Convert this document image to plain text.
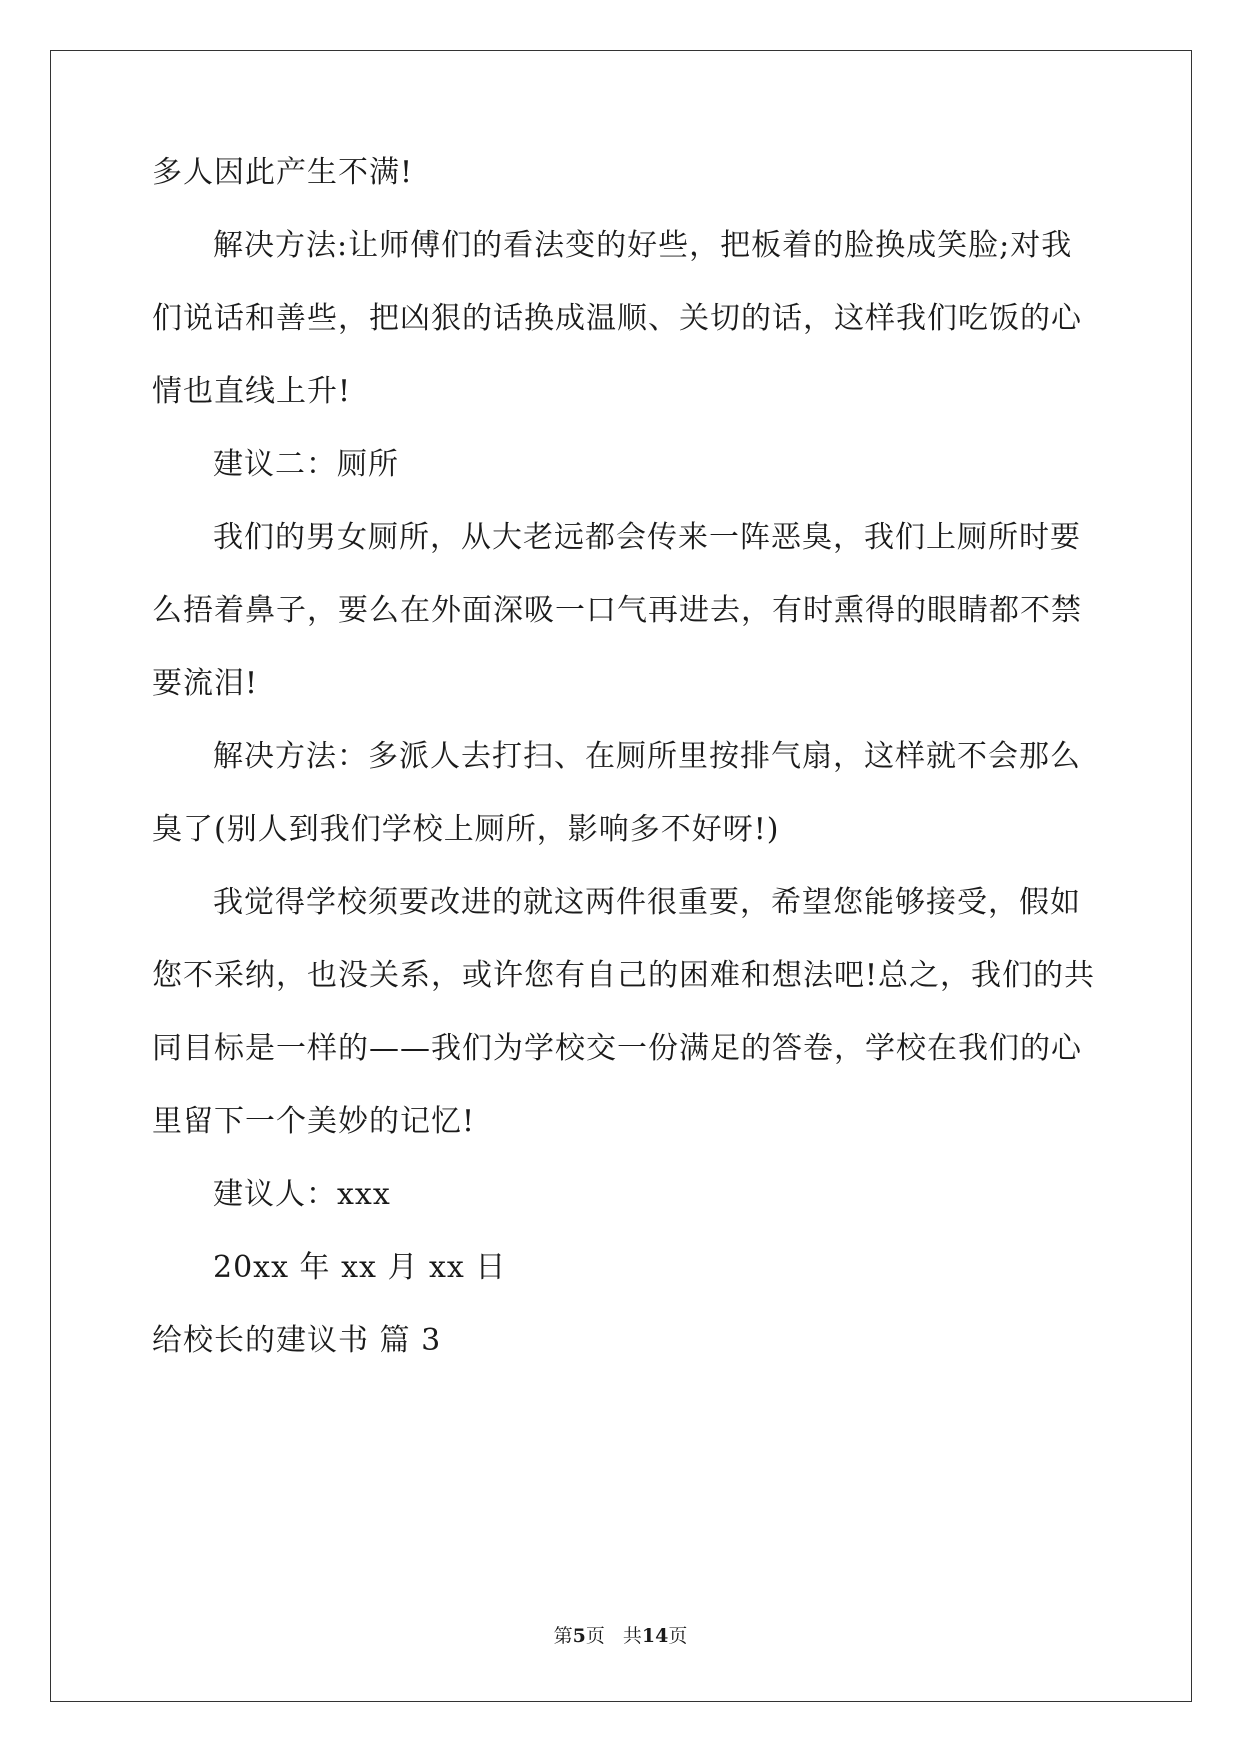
多人因此产生不满!
解决方法:让师傅们的看法变的好些，把板着的脸换成笑脸;对我
们说话和善些，把凶狠的话换成温顺、关切的话，这样我们吃饭的心
情也直线上升!
建议二：厕所
我们的男女厕所，从大老远都会传来一阵恶臭，我们上厕所时要
么捂着鼻子，要么在外面深吸一口气再进去，有时熏得的眼睛都不禁
要流泪!
解决方法：多派人去打扫、在厕所里按排气扇，这样就不会那么
臭了(别人到我们学校上厕所，影响多不好呀!)
我觉得学校须要改进的就这两件很重要，希望您能够接受，假如
您不采纳，也没关系，或许您有自己的困难和想法吧!总之，我们的共
同目标是一样的——我们为学校交一份满足的答卷，学校在我们的心
里留下一个美妙的记忆!
建议人：xxx
20xx 年 xx 月 xx 日
给校长的建议书 篇 3
第5页 共14页
